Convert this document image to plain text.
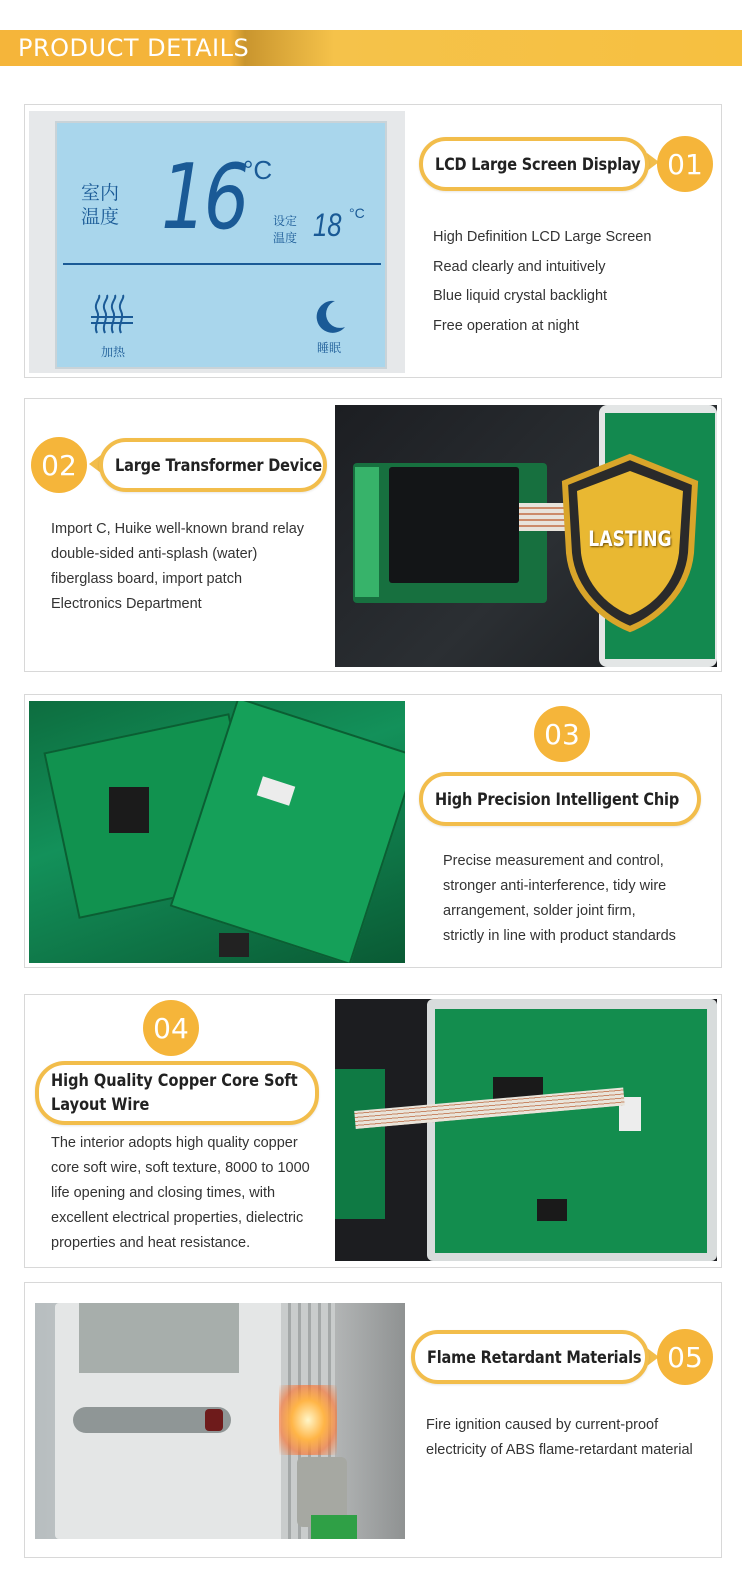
PRODUCT DETAILS
室内
温度 16
°C
设定
温度 18 °C
加热	睡眠
LCD Large Screen Display 01
High Definition LCD Large Screen
Read clearly and intuitively
Blue liquid crystal backlight
Free operation at night
02	Large Transformer Device
Import C, Huike well-known brand relay
double-sided anti-splash (water)
fiberglass board, import patch
Electronics Department
LASTING
03
High Precision Intelligent Chip
Precise measurement and control,
stronger anti-interference, tidy wire
arrangement, solder joint firm,
strictly in line with product standards
04
High Quality Copper Core Soft
Layout Wire
The interior adopts high quality copper
core soft wire, soft texture, 8000 to 1000
life opening and closing times, with
excellent electrical properties, dielectric
properties and heat resistance.
Flame Retardant Materials 05
Fire ignition caused by current-proof
electricity of ABS flame-retardant material
